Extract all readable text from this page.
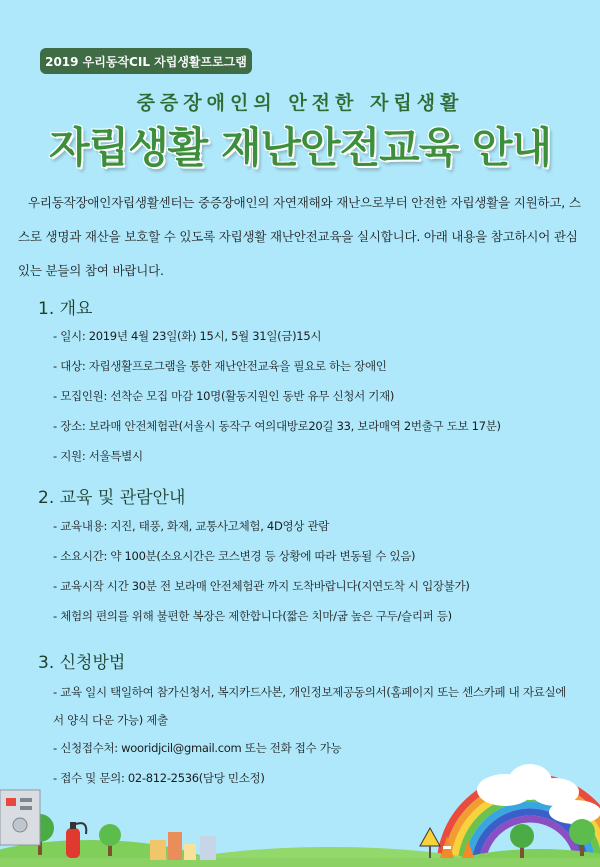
2019 우리동작CIL 자립생활프로그램
중증장애인의 안전한 자립생활
자립생활 재난안전교육 안내

우리동작장애인자립생활센터는 중증장애인의 자연재해와 재난으로부터 안전한 자립생활을 지원하고, 스스로 생명과 재산을 보호할 수 있도록 자립생활 재난안전교육을 실시합니다. 아래 내용을 참고하시어 관심 있는 분들의 참여 바랍니다.

1. 개요
- 일시: 2019년 4월 23일(화) 15시, 5월 31일(금)15시
- 대상: 자립생활프로그램을 통한 재난안전교육을 필요로 하는 장애인
- 모집인원: 선착순 모집 마감 10명(활동지원인 동반 유무 신청서 기재)
- 장소: 보라매 안전체험관(서울시 동작구 여의대방로20길 33, 보라매역 2번출구 도보 17분)
- 지원: 서울특별시
2. 교육 및 관람안내
- 교육내용: 지진, 태풍, 화재, 교통사고체험, 4D영상 관람
- 소요시간: 약 100분(소요시간은 코스변경 등 상황에 따라 변동될 수 있음)
- 교육시작 시간 30분 전 보라매 안전체험관 까지 도착바랍니다(지연도착 시 입장불가)
- 체험의 편의를 위해 불편한 복장은 제한합니다(짧은 치마/굽 높은 구두/슬리퍼 등)
3. 신청방법
- 교육 일시 택일하여 참가신청서, 복지카드사본, 개인정보제공동의서(홈페이지 또는 센스카페 내 자료실에서 양식 다운 가능) 제출
- 신청접수처: wooridjcil@gmail.com 또는 전화 접수 가능
- 접수 및 문의: 02-812-2536(담당 민소정)
